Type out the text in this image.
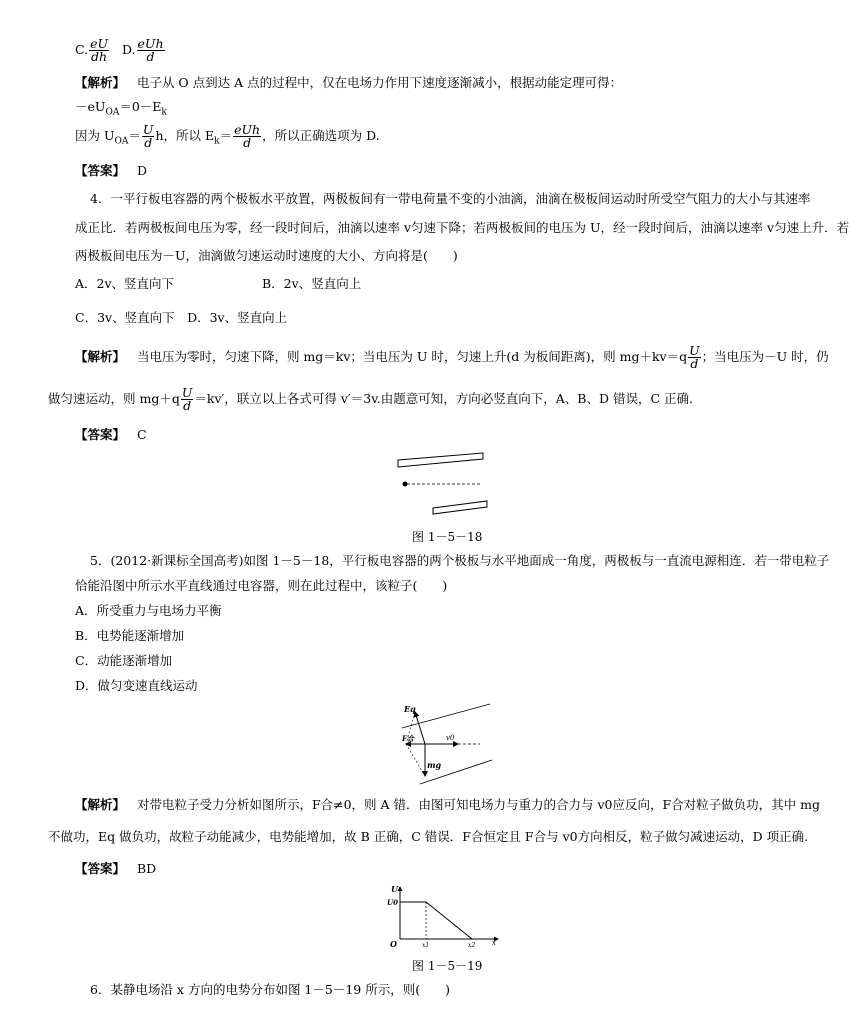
C. $\frac{eU}{dh} D$. $\frac{\text{eUh}}{d}$
【解析】 电子从 O 点到达 A 点的过程中，仅在电场力作用下速度逐渐减小，根据动能定理可得：
$-eU_{OA}=0-E_k$
因为 $U_{OA}= \frac{U}{d}$ h，所以 $E_k= \frac{\text{eUh}}{d}$ ，所以正确选项为 D.
【答案】 D
4．一平行板电容器的两个极板水平放置，两极板间有一带电荷量不变的小油滴，油滴在极板间运动时所受空气阻力的大小与其速率
成正比．若两极板间电压为零，经一段时间后，油滴以速率 v匀速下降；若两极板间的电压为 U，经一段时间后，油滴以速率 v匀速上升．若
两极板间电压为－U，油滴做匀速运动时速度的大小、方向将是(　　)
A．2v、竖直向下	B．2v、竖直向上
C．3v、竖直向下　D．3v、竖直向上
【解析】 当电压为零时，匀速下降，则 mg＝kv；当电压为 U 时，匀速上升(d 为板间距离)，则 $mg+kv=q \frac{U}{d}$ ；当电压为－U 时，仍
做匀速运动，则 $mg+q \frac{U}{d} =kv'$，联立以上各式可得 v′＝3v.由题意可知，方向必竖直向下，A、B、D 错误，C 正确.
【答案】 C
图 1－5－18
5．(2012·新课标全国高考)如图 1－5－18，平行板电容器的两个极板与水平地面成一角度，两极板与一直流电源相连．若一带电粒子
恰能沿图中所示水平直线通过电容器，则在此过程中，该粒子(　　)
A．所受重力与电场力平衡
B．电势能逐渐增加
C．动能逐渐增加
D．做匀变速直线运动
Eq
F合	v0
mg
【解析】 对带电粒子受力分析如图所示，F合≠0，则 A 错．由图可知电场力与重力的合力与 v0应反向，F合对粒子做负功，其中 mg
不做功，Eq 做负功，故粒子动能减少，电势能增加，故 B 正确，C 错误．F合恒定且 F合与 v0方向相反，粒子做匀减速运动，D 项正确.
【答案】 BD
U
U0
O	x1	x2 x
图 1－5－19
6．某静电场沿 x 方向的电势分布如图 1－5－19 所示，则(　　)
